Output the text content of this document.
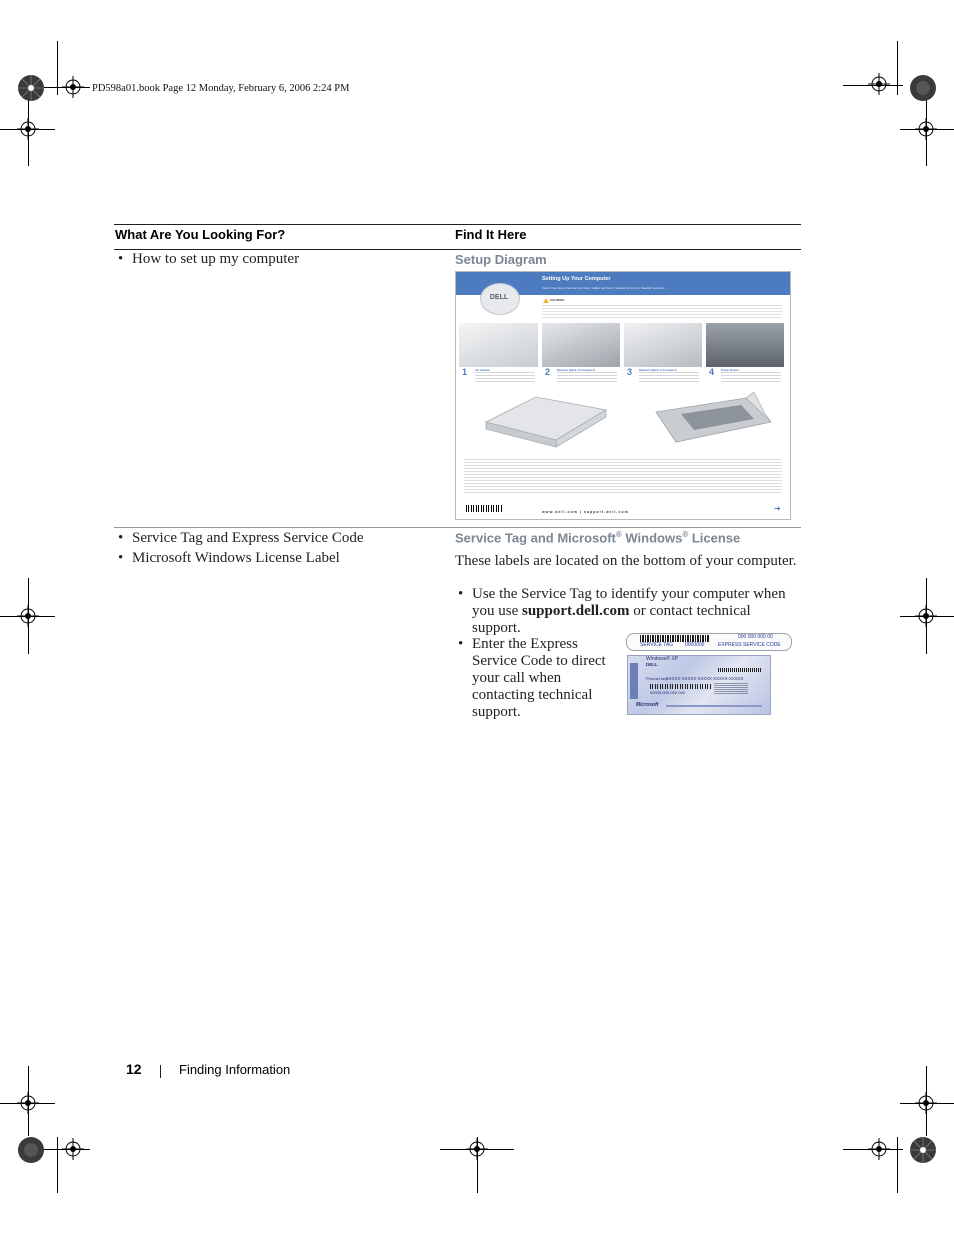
PD598a01.book Page 12 Monday, February 6, 2006 2:24 PM
What Are You Looking For?	Find It Here
• How to set up my computer	Setup Diagram
Setting Up Your Computer
French text here | German text here | Italian text here | Spanish text here | Swedish text here
DELL	CAUTION:
1	AC Adapter	2 Network (Back of Computer)	3 Network (Back of Computer)	4 Power Button
www.dell.com | support.dell.com	➜
• Service Tag and Express Service Code
• Microsoft Windows License Label
Service Tag and Microsoft® Windows® License
These labels are located on the bottom of your computer.
• Use the Service Tag to identify your computer when you use support.dell.com or contact technical support.
• Enter the Express Service Code to direct your call when contacting technical support.
000 000 000 00
SERVICE TAG 0000000	EXPRESS SERVICE CODE
Windows® XP
DELL
Product key:
XXXXX-XXXXX-XXXXX-XXXXX-XXXXX
00000-000-000-000
Microsoft
12	Finding Information
